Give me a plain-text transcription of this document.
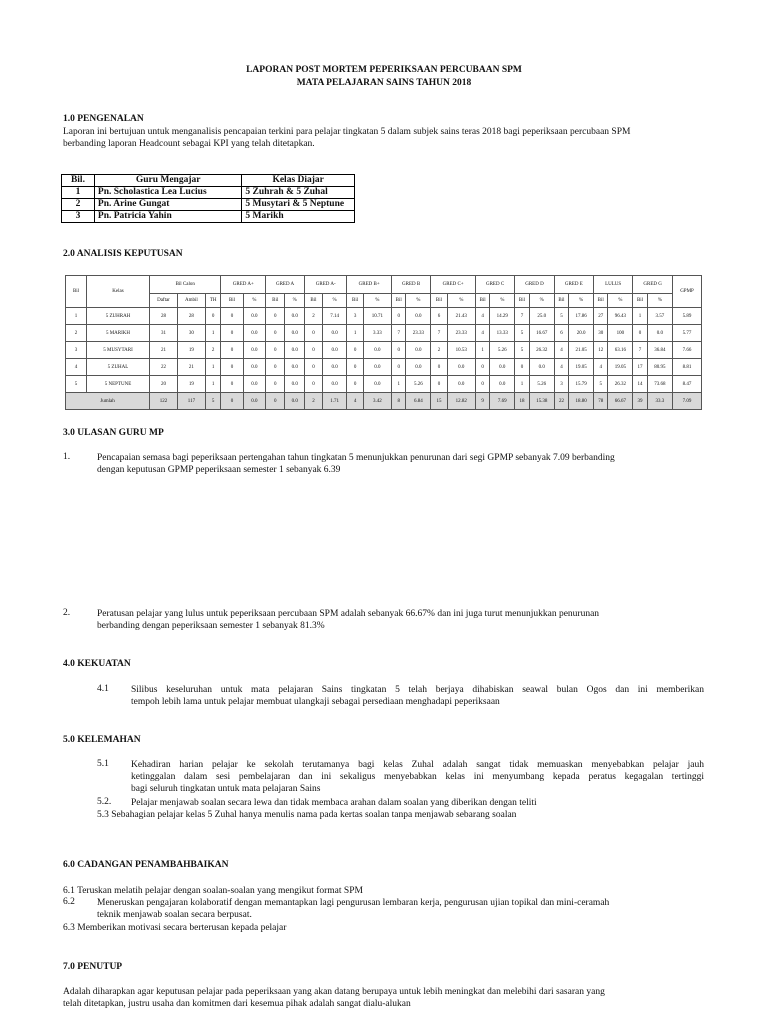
LAPORAN POST MORTEM PEPERIKSAAN PERCUBAAN SPM
MATA PELAJARAN SAINS TAHUN 2018
1.0 PENGENALAN
Laporan ini bertujuan untuk menganalisis pencapaian terkini para pelajar tingkatan 5 dalam subjek sains teras 2018 bagi peperiksaan percubaan SPM
berbanding laporan Headcount sebagai KPI yang telah ditetapkan.
Bil.	Guru Mengajar	Kelas Diajar
1	Pn. Scholastica Lea Lucius	5 Zuhrah & 5 Zuhal
2	Pn. Arine Gungat	5 Musytari & 5 Neptune
3	Pn. Patricia Yahin	5 Marikh
2.0 ANALISIS KEPUTUSAN
Bil	Kelas	Bil Calon			GRED A+		GRED A		GRED A-		GRED B+		GRED B		GRED C+		GRED C		GRED D		GRED E		LULUS		GRED G		GPMP
		Daftar	Ambil	TH	Bil	%	Bil	%	Bil	%	Bil	%	Bil	%	Bil	%	Bil	%	Bil	%	Bil	%	Bil	%	Bil	%	
1	5 ZUHRAH	28	28	0	0	0.0	0	0.0	2	7.14	3	10.71	0	0.0	6	21.43	4	14.29	7	25.0	5	17.86	27	96.43	1	3.57	5.89
2	5 MARIKH	31	30	1	0	0.0	0	0.0	0	0.0	1	3.33	7	23.33	7	23.33	4	13.33	5	16.67	6	20.0	30	100	0	0.0	5.77
3	5 MUSYTARI	21	19	2	0	0.0	0	0.0	0	0.0	0	0.0	0	0.0	2	10.53	1	5.26	5	26.32	4	21.05	12	63.16	7	36.84	7.66
4	5 ZUHAL	22	21	1	0	0.0	0	0.0	0	0.0	0	0.0	0	0.0	0	0.0	0	0.0	0	0.0	4	19.05	4	19.05	17	80.95	8.81
5	5 NEPTUNE	20	19	1	0	0.0	0	0.0	0	0.0	0	0.0	1	5.26	0	0.0	0	0.0	1	5.26	3	15.79	5	26.32	14	73.68	8.47
Jumlah		122	117	5	0	0.0	0	0.0	2	1.71	4	3.42	8	6.84	15	12.82	9	7.69	18	15.38	22	18.80	78	66.67	39	33.3	7.09
3.0 ULASAN GURU MP
1.	Pencapaian semasa bagi peperiksaan pertengahan tahun tingkatan 5 menunjukkan penurunan dari segi GPMP sebanyak 7.09 berbanding
dengan keputusan GPMP peperiksaan semester 1 sebanyak 6.39
2.	Peratusan pelajar yang lulus untuk peperiksaan percubaan SPM adalah sebanyak 66.67% dan ini juga turut menunjukkan penurunan
berbanding dengan peperiksaan semester 1 sebanyak 81.3%
4.0 KEKUATAN
4.1 Silibus keseluruhan untuk mata pelajaran Sains tingkatan 5 telah berjaya dihabiskan seawal bulan Ogos dan ini memberikan
tempoh lebih lama untuk pelajar membuat ulangkaji sebagai persediaan menghadapi peperiksaan
5.0 KELEMAHAN
5.1 Kehadiran harian pelajar ke sekolah terutamanya bagi kelas Zuhal adalah sangat tidak memuaskan menyebabkan pelajar jauh
ketinggalan dalam sesi pembelajaran dan ini sekaligus menyebabkan kelas ini menyumbang kepada peratus kegagalan tertinggi
bagi seluruh tingkatan untuk mata pelajaran Sains
5.2. Pelajar menjawab soalan secara lewa dan tidak membaca arahan dalam soalan yang diberikan dengan teliti
5.3 Sebahagian pelajar kelas 5 Zuhal hanya menulis nama pada kertas soalan tanpa menjawab sebarang soalan
6.0 CADANGAN PENAMBAHBAIKAN
6.1 Teruskan melatih pelajar dengan soalan-soalan yang mengikut format SPM
6.2 Meneruskan pengajaran kolaboratif dengan memantapkan lagi pengurusan lembaran kerja, pengurusan ujian topikal dan mini-ceramah
teknik menjawab soalan secara berpusat.
6.3 Memberikan motivasi secara berterusan kepada pelajar
7.0 PENUTUP
Adalah diharapkan agar keputusan pelajar pada peperiksaan yang akan datang berupaya untuk lebih meningkat dan melebihi dari sasaran yang
telah ditetapkan, justru usaha dan komitmen dari kesemua pihak adalah sangat dialu-alukan
